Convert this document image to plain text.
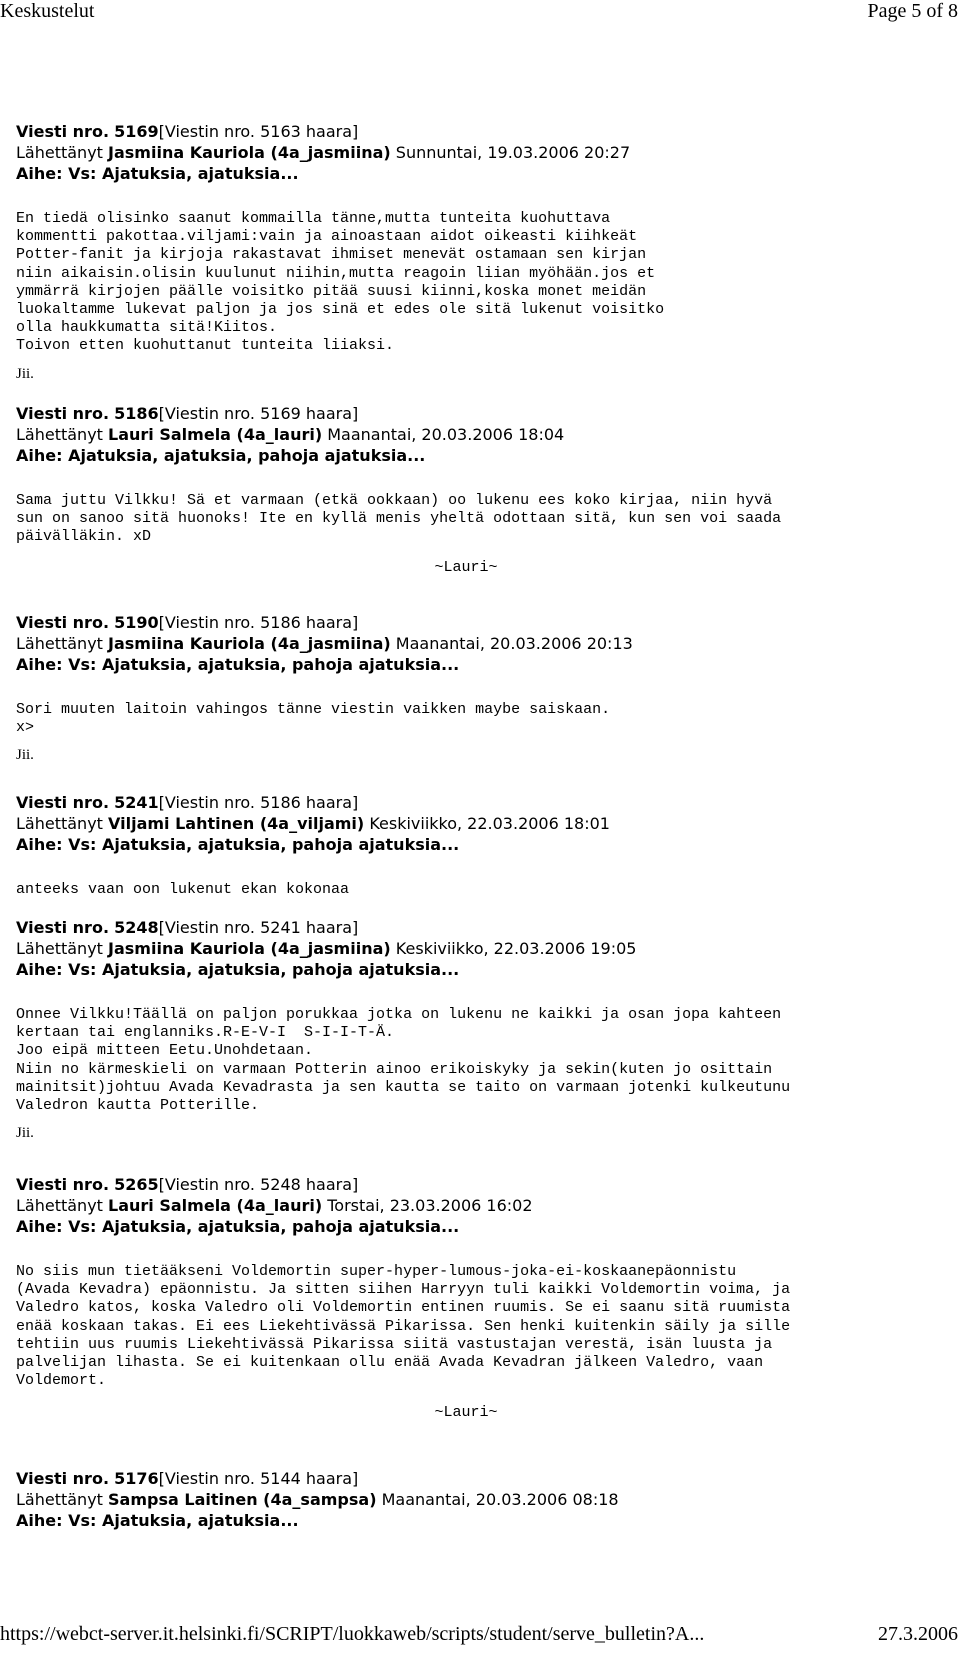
Keskustelut	Page 5 of 8
Viesti nro. 5169[Viestin nro. 5163 haara]
Lähettänyt Jasmiina Kauriola (4a_jasmiina) Sunnuntai, 19.03.2006 20:27
Aihe: Vs: Ajatuksia, ajatuksia...
En tiedä olisinko saanut kommailla tänne,mutta tunteita kuohuttava
kommentti pakottaa.viljami:vain ja ainoastaan aidot oikeasti kiihkeät
Potter-fanit ja kirjoja rakastavat ihmiset menevät ostamaan sen kirjan
niin aikaisin.olisin kuulunut niihin,mutta reagoin liian myöhään.jos et
ymmärrä kirjojen päälle voisitko pitää suusi kiinni,koska monet meidän
luokaltamme lukevat paljon ja jos sinä et edes ole sitä lukenut voisitko
olla haukkumatta sitä!Kiitos.
Toivon etten kuohuttanut tunteita liiaksi.
Jii.
Viesti nro. 5186[Viestin nro. 5169 haara]
Lähettänyt Lauri Salmela (4a_lauri) Maanantai, 20.03.2006 18:04
Aihe: Ajatuksia, ajatuksia, pahoja ajatuksia...
Sama juttu Vilkku! Sä et varmaan (etkä ookkaan) oo lukenu ees koko kirjaa, niin hyvä
sun on sanoo sitä huonoks! Ite en kyllä menis yheltä odottaan sitä, kun sen voi saada
päivälläkin. xD
~Lauri~
Viesti nro. 5190[Viestin nro. 5186 haara]
Lähettänyt Jasmiina Kauriola (4a_jasmiina) Maanantai, 20.03.2006 20:13
Aihe: Vs: Ajatuksia, ajatuksia, pahoja ajatuksia...
Sori muuten laitoin vahingos tänne viestin vaikken maybe saiskaan.
x>
Jii.
Viesti nro. 5241[Viestin nro. 5186 haara]
Lähettänyt Viljami Lahtinen (4a_viljami) Keskiviikko, 22.03.2006 18:01
Aihe: Vs: Ajatuksia, ajatuksia, pahoja ajatuksia...
anteeks vaan oon lukenut ekan kokonaa
Viesti nro. 5248[Viestin nro. 5241 haara]
Lähettänyt Jasmiina Kauriola (4a_jasmiina) Keskiviikko, 22.03.2006 19:05
Aihe: Vs: Ajatuksia, ajatuksia, pahoja ajatuksia...
Onnee Vilkku!Täällä on paljon porukkaa jotka on lukenu ne kaikki ja osan jopa kahteen
kertaan tai englanniks.R-E-V-I  S-I-I-T-Ä.
Joo eipä mitteen Eetu.Unohdetaan.
Niin no kärmeskieli on varmaan Potterin ainoo erikoiskyky ja sekin(kuten jo osittain
mainitsit)johtuu Avada Kevadrasta ja sen kautta se taito on varmaan jotenki kulkeutunu
Valedron kautta Potterille.
Jii.
Viesti nro. 5265[Viestin nro. 5248 haara]
Lähettänyt Lauri Salmela (4a_lauri) Torstai, 23.03.2006 16:02
Aihe: Vs: Ajatuksia, ajatuksia, pahoja ajatuksia...
No siis mun tietääkseni Voldemortin super-hyper-lumous-joka-ei-koskaanepäonnistu
(Avada Kevadra) epäonnistu. Ja sitten siihen Harryyn tuli kaikki Voldemortin voima, ja
Valedro katos, koska Valedro oli Voldemortin entinen ruumis. Se ei saanu sitä ruumista
enää koskaan takas. Ei ees Liekehtivässä Pikarissa. Sen henki kuitenkin säily ja sille
tehtiin uus ruumis Liekehtivässä Pikarissa siitä vastustajan verestä, isän luusta ja
palvelijan lihasta. Se ei kuitenkaan ollu enää Avada Kevadran jälkeen Valedro, vaan
Voldemort.
~Lauri~
Viesti nro. 5176[Viestin nro. 5144 haara]
Lähettänyt Sampsa Laitinen (4a_sampsa) Maanantai, 20.03.2006 08:18
Aihe: Vs: Ajatuksia, ajatuksia...
https://webct-server.it.helsinki.fi/SCRIPT/luokkaweb/scripts/student/serve_bulletin?A...	27.3.2006
